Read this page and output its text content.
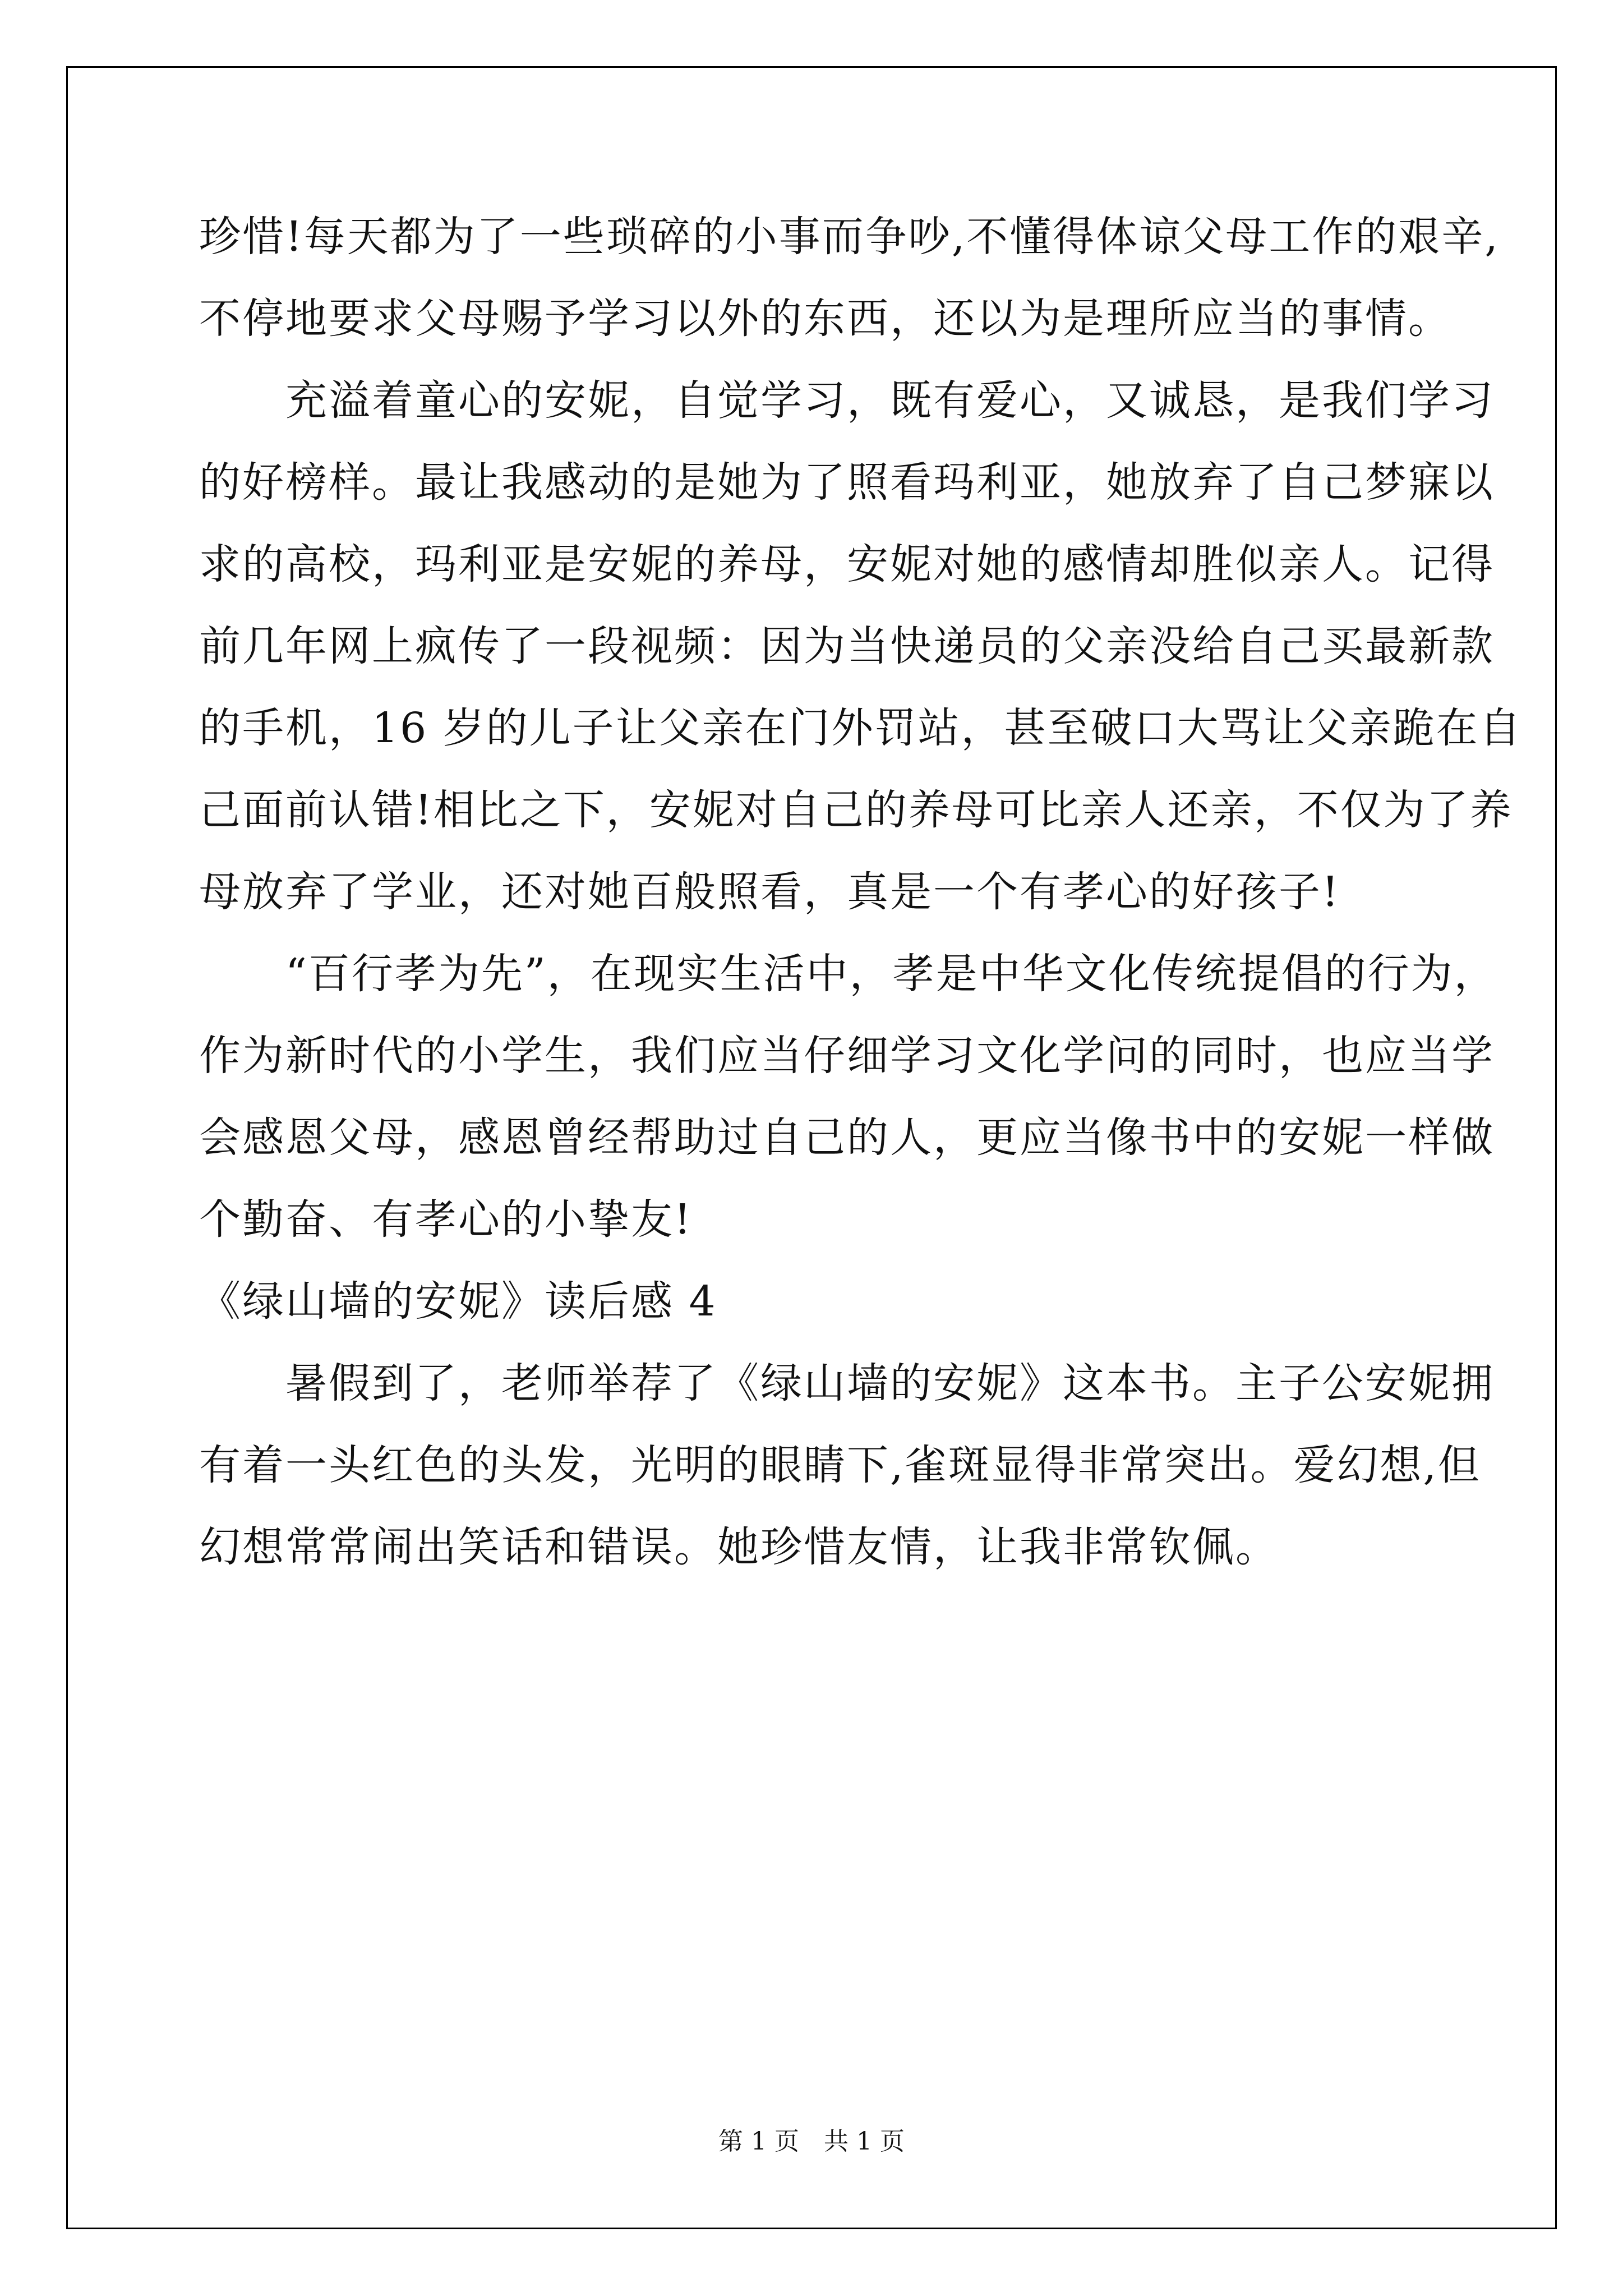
珍惜!每天都为了一些琐碎的小事而争吵,不懂得体谅父母工作的艰辛,
不停地要求父母赐予学习以外的东西，还以为是理所应当的事情。
　　充溢着童心的安妮，自觉学习，既有爱心，又诚恳，是我们学习
的好榜样。最让我感动的是她为了照看玛利亚，她放弃了自己梦寐以
求的高校，玛利亚是安妮的养母，安妮对她的感情却胜似亲人。记得
前几年网上疯传了一段视频：因为当快递员的父亲没给自己买最新款
的手机，16 岁的儿子让父亲在门外罚站，甚至破口大骂让父亲跪在自
己面前认错!相比之下，安妮对自己的养母可比亲人还亲，不仅为了养
母放弃了学业，还对她百般照看，真是一个有孝心的好孩子!
　　“百行孝为先”，在现实生活中，孝是中华文化传统提倡的行为，
作为新时代的小学生，我们应当仔细学习文化学问的同时，也应当学
会感恩父母，感恩曾经帮助过自己的人，更应当像书中的安妮一样做
个勤奋、有孝心的小挚友!
《绿山墙的安妮》读后感 4
　　暑假到了，老师举荐了《绿山墙的安妮》这本书。主子公安妮拥
有着一头红色的头发，光明的眼睛下,雀斑显得非常突出。爱幻想,但
幻想常常闹出笑话和错误。她珍惜友情，让我非常钦佩。
第 1 页　共 1 页
